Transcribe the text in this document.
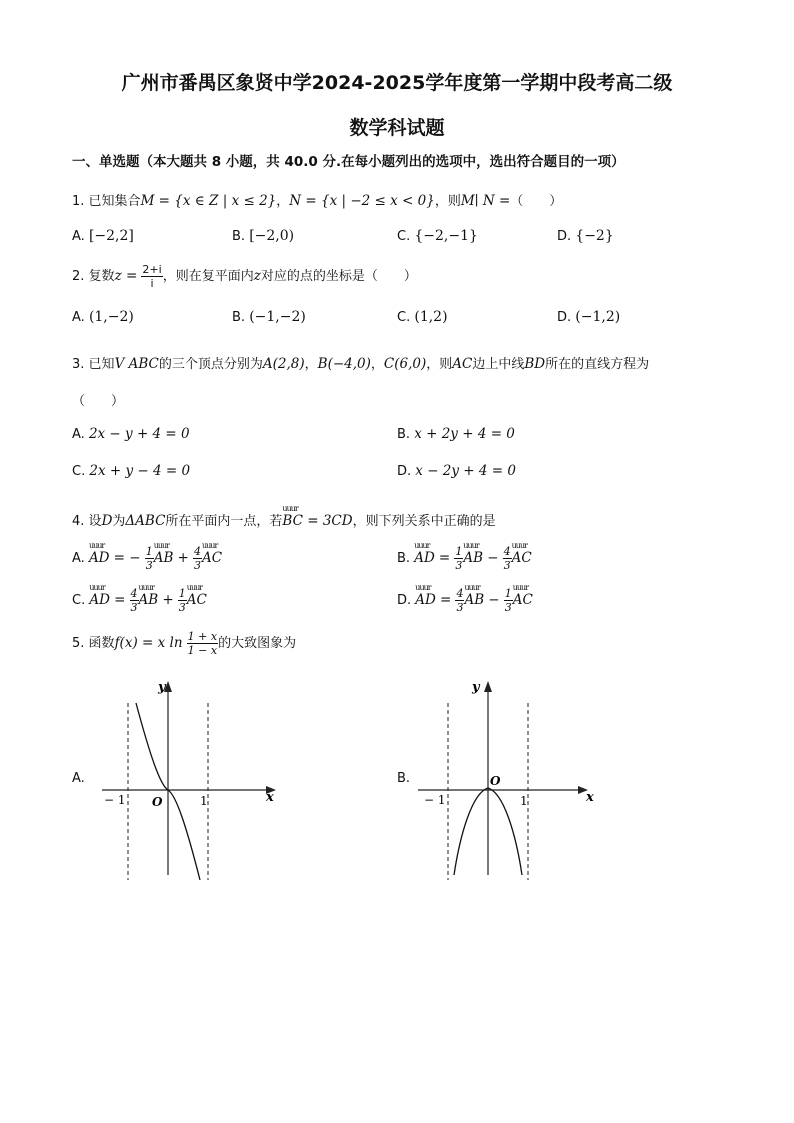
广州市番禺区象贤中学2024-2025学年度第一学期中段考高二级
数学科试题
一、单选题（本大题共 8 小题，共 40.0 分.在每小题列出的选项中，选出符合题目的一项）
1. 已知集合M = {x ∈ Z | x ≤ 2}，N = {x | −2 ≤ x < 0}，则M∣ N =（　　）
A. [−2,2]	B. [−2,0)	C. {−2,−1}	D. {−2}
2. 复数$z = \frac{2+i}{i}$ ，则在复平面内z对应的点的坐标是（　　）
A. (1,−2)	B. (−1,−2)	C. (1,2)	D. (−1,2)
3. 已知V ABC的三个顶点分别为A(2,8)，B(−4,0)，C(6,0)，则AC边上中线BD所在的直线方程为
（　　）
A. 2x − y + 4 = 0	B. x + 2y + 4 = 0
C. 2x + y − 4 = 0	D. x − 2y + 4 = 0
4. 设D为ΔABC所在平面内一点，若
uuur
BC = 3CD，则下列关系中正确的是
A.
uuur
AD = − $\frac{1}{3}$ uuur
AB + $\frac{4}{3}$ uuur
AC	B.
uuur
AD = $\frac{1}{3}$ uuur
AB − $\frac{4}{3}$ uuur
AC
C.
uuur
AD = $\frac{4}{3}$ uuur
AB + $\frac{1}{3}$ uuur
AC	D.
uuur
AD = $\frac{4}{3}$ uuur
AB − $\frac{1}{3}$ uuur
AC
5. 函数f(x) = x $\ln \frac{1 + x}{1 - x}$ 的大致图象为
A.
y
x
O
− 1	1
B.
y
x
O
− 1	1
